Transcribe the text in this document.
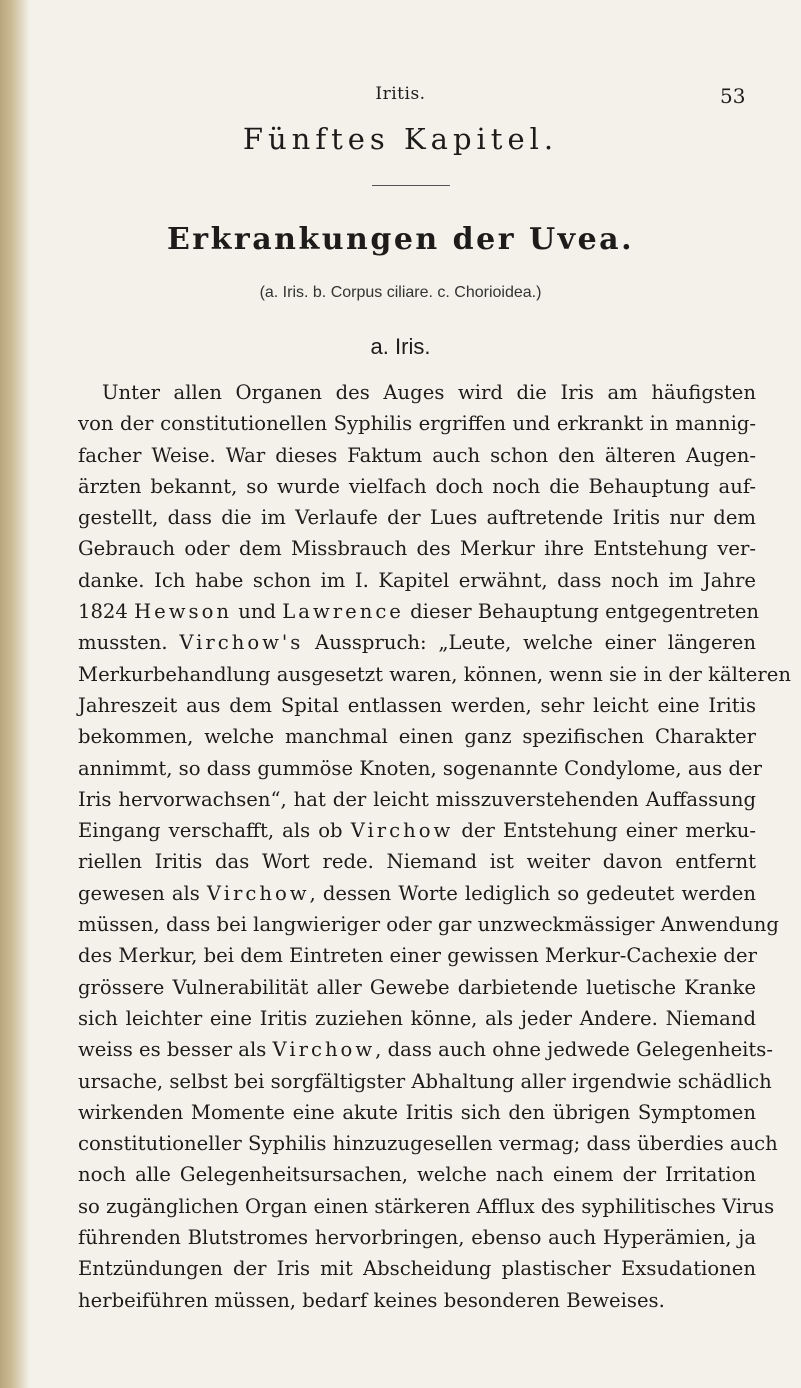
Iritis.	53
Fünftes Kapitel.
Erkrankungen der Uvea.
(a. Iris. b. Corpus ciliare. c. Chorioidea.)
a. Iris.
Unter allen Organen des Auges wird die Iris am häufigsten
von der constitutionellen Syphilis ergriffen und erkrankt in mannig-
facher Weise. War dieses Faktum auch schon den älteren Augen-
ärzten bekannt, so wurde vielfach doch noch die Behauptung auf-
gestellt, dass die im Verlaufe der Lues auftretende Iritis nur dem
Gebrauch oder dem Missbrauch des Merkur ihre Entstehung ver-
danke. Ich habe schon im I. Kapitel erwähnt, dass noch im Jahre
1824 Hewson und Lawrence dieser Behauptung entgegentreten
mussten. Virchow's Ausspruch: „Leute, welche einer längeren
Merkurbehandlung ausgesetzt waren, können, wenn sie in der kälteren
Jahreszeit aus dem Spital entlassen werden, sehr leicht eine Iritis
bekommen, welche manchmal einen ganz spezifischen Charakter
annimmt, so dass gummöse Knoten, sogenannte Condylome, aus der
Iris hervorwachsen“, hat der leicht misszuverstehenden Auffassung
Eingang verschafft, als ob Virchow der Entstehung einer merku-
riellen Iritis das Wort rede. Niemand ist weiter davon entfernt
gewesen als Virchow, dessen Worte lediglich so gedeutet werden
müssen, dass bei langwieriger oder gar unzweckmässiger Anwendung
des Merkur, bei dem Eintreten einer gewissen Merkur-Cachexie der
grössere Vulnerabilität aller Gewebe darbietende luetische Kranke
sich leichter eine Iritis zuziehen könne, als jeder Andere. Niemand
weiss es besser als Virchow, dass auch ohne jedwede Gelegenheits-
ursache, selbst bei sorgfältigster Abhaltung aller irgendwie schädlich
wirkenden Momente eine akute Iritis sich den übrigen Symptomen
constitutioneller Syphilis hinzuzugesellen vermag; dass überdies auch
noch alle Gelegenheitsursachen, welche nach einem der Irritation
so zugänglichen Organ einen stärkeren Afflux des syphilitisches Virus
führenden Blutstromes hervorbringen, ebenso auch Hyperämien, ja
Entzündungen der Iris mit Abscheidung plastischer Exsudationen
herbeiführen müssen, bedarf keines besonderen Beweises.
